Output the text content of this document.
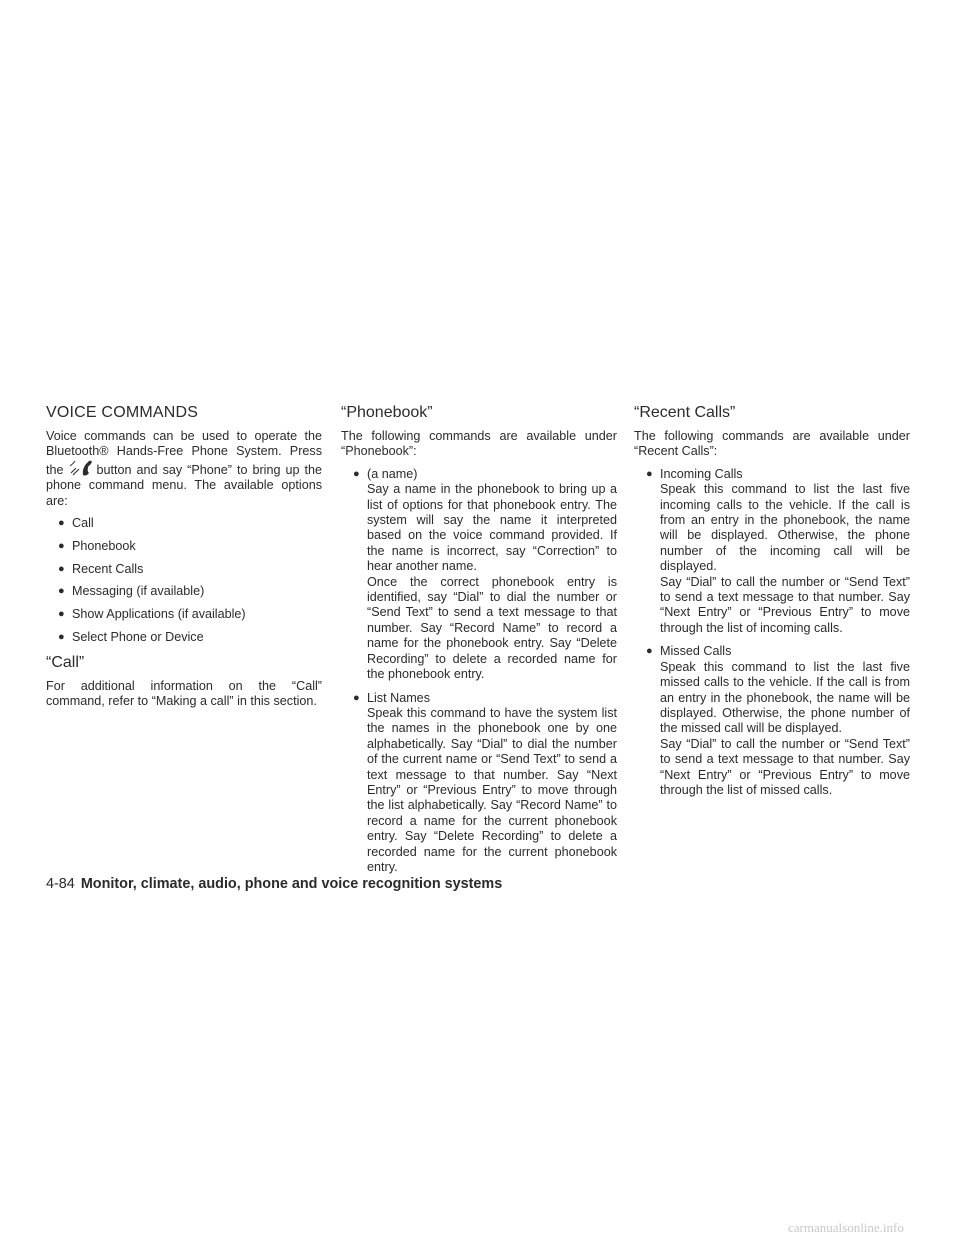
VOICE COMMANDS

Voice commands can be used to operate the Bluetooth® Hands-Free Phone System. Press the	button and say “Phone” to bring up the phone command menu. The available options are:

● Call
● Phonebook
● Recent Calls
● Messaging (if available)
● Show Applications (if available)
● Select Phone or Device
“Call”

For additional information on the “Call” command, refer to “Making a call” in this section.

“Phonebook”

The following commands are available under “Phonebook”:

● (a name)
Say a name in the phonebook to bring up a list of options for that phonebook entry. The system will say the name it interpreted based on the voice command provided. If the name is incorrect, say “Correction” to hear another name.
Once the correct phonebook entry is identified, say “Dial” to dial the number or “Send Text” to send a text message to that number. Say “Record Name” to record a name for the phonebook entry. Say “Delete Recording” to delete a recorded name for the phonebook entry.
● List Names
Speak this command to have the system list the names in the phonebook one by one alphabetically. Say “Dial” to dial the number of the current name or “Send Text” to send a text message to that number. Say “Next Entry” or “Previous Entry” to move through the list alphabetically. Say “Record Name” to record a name for the current phonebook entry. Say “Delete Recording” to delete a recorded name for the current phonebook entry.
“Recent Calls”

The following commands are available under “Recent Calls”:

● Incoming Calls
Speak this command to list the last five incoming calls to the vehicle. If the call is from an entry in the phonebook, the name will be displayed. Otherwise, the phone number of the incoming call will be displayed.
Say “Dial” to call the number or “Send Text” to send a text message to that number. Say “Next Entry” or “Previous Entry” to move through the list of incoming calls.
● Missed Calls
Speak this command to list the last five missed calls to the vehicle. If the call is from an entry in the phonebook, the name will be displayed. Otherwise, the phone number of the missed call will be displayed.
Say “Dial” to call the number or “Send Text” to send a text message to that number. Say “Next Entry” or “Previous Entry” to move through the list of missed calls.
4-84 Monitor, climate, audio, phone and voice recognition systems
carmanualsonline.info
